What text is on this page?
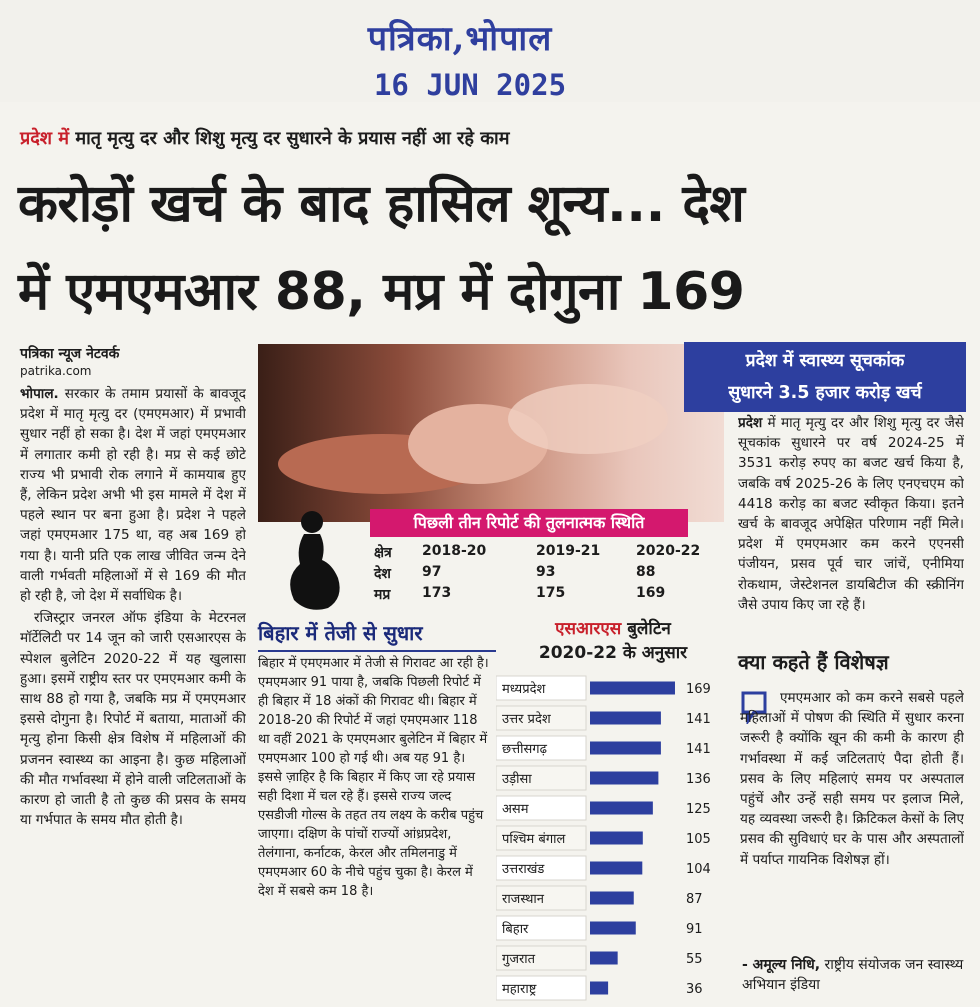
पत्रिका,भोपाल
16 JUN 2025
प्रदेश में मातृ मृत्यु दर और शिशु मृत्यु दर सुधारने के प्रयास नहीं आ रहे काम
करोड़ों खर्च के बाद हासिल शून्य... देश
में एमएमआर 88, मप्र में दोगुना 169
पत्रिका न्यूज नेटवर्क
patrika.com

भोपाल. सरकार के तमाम प्रयासों के बावजूद प्रदेश में मातृ मृत्यु दर (एमएमआर) में प्रभावी सुधार नहीं हो सका है। देश में जहां एमएमआर में लगातार कमी हो रही है। मप्र से कई छोटे राज्य भी प्रभावी रोक लगाने में कामयाब हुए हैं, लेकिन प्रदेश अभी भी इस मामले में देश में पहले स्थान पर बना हुआ है। प्रदेश ने पहले जहां एमएमआर 175 था, वह अब 169 हो गया है। यानी प्रति एक लाख जीवित जन्म देने वाली गर्भवती महिलाओं में से 169 की मौत हो रही है, जो देश में सर्वाधिक है।

रजिस्ट्रार जनरल ऑफ इंडिया के मेटरनल मॉर्टेलिटी पर 14 जून को जारी एसआरएस के स्पेशल बुलेटिन 2020-22 में यह खुलासा हुआ। इसमें राष्ट्रीय स्तर पर एमएमआर कमी के साथ 88 हो गया है, जबकि मप्र में एमएमआर इससे दोगुना है। रिपोर्ट में बताया, माताओं की मृत्यु होना किसी क्षेत्र विशेष में महिलाओं की प्रजनन स्वास्थ्य का आइना है। कुछ महिलाओं की मौत गर्भावस्था में होने वाली जटिलताओं के कारण हो जाती है तो कुछ की प्रसव के समय या गर्भपात के समय मौत होती है।

पिछली तीन रिपोर्ट की तुलनात्मक स्थिति
क्षेत्र 2018-20	2019-21	2020-22
देश 97	93	88
मप्र 173	175	169
बिहार में तेजी से सुधार
बिहार में एमएमआर में तेजी से गिरावट आ रही है। एमएमआर 91 पाया है, जबकि पिछली रिपोर्ट में ही बिहार में 18 अंकों की गिरावट थी। बिहार में 2018-20 की रिपोर्ट में जहां एमएमआर 118 था वहीं 2021 के एमएमआर बुलेटिन में बिहार में एमएमआर 100 हो गई थी। अब यह 91 है। इससे ज़ाहिर है कि बिहार में किए जा रहे प्रयास सही दिशा में चल रहे हैं। इससे राज्य जल्द एसडीजी गोल्स के तहत तय लक्ष्य के करीब पहुंच जाएगा। दक्षिण के पांचों राज्यों आंध्रप्रदेश, तेलंगाना, कर्नाटक, केरल और तमिलनाडु में एमएमआर 60 के नीचे पहुंच चुका है। केरल में देश में सबसे कम 18 है।
एसआरएस बुलेटिन
2020-22 के अनुसार
मध्यप्रदेश	169
उत्तर प्रदेश	141
छत्तीसगढ़	141
उड़ीसा	136
असम	125
पश्चिम बंगाल	105
उत्तराखंड	104
राजस्थान	87
बिहार	91
गुजरात	55
महाराष्ट्र	36
प्रदेश में स्वास्थ्य सूचकांक
सुधारने 3.5 हजार करोड़ खर्च
प्रदेश में मातृ मृत्यु दर और शिशु मृत्यु दर जैसे सूचकांक सुधारने पर वर्ष 2024-25 में 3531 करोड़ रुपए का बजट खर्च किया है, जबकि वर्ष 2025-26 के लिए एनएचएम को 4418 करोड़ का बजट स्वीकृत किया। इतने खर्च के बावजूद अपेक्षित परिणाम नहीं मिले। प्रदेश में एमएमआर कम करने एएनसी पंजीयन, प्रसव पूर्व चार जांचें, एनीमिया रोकथाम, जेस्टेशनल डायबिटीज की स्क्रीनिंग जैसे उपाय किए जा रहे हैं।
क्या कहते हैं विशेषज्ञ
एमएमआर को कम करने सबसे पहले महिलाओं में पोषण की स्थिति में सुधार करना जरूरी है क्योंकि खून की कमी के कारण ही गर्भावस्था में कई जटिलताएं पैदा होती हैं। प्रसव के लिए महिलाएं समय पर अस्पताल पहुंचें और उन्हें सही समय पर इलाज मिले, यह व्यवस्था जरूरी है। क्रिटिकल केसों के लिए प्रसव की सुविधाएं घर के पास और अस्पतालों में पर्याप्त गायनिक विशेषज्ञ हों।
- अमूल्य निधि, राष्ट्रीय संयोजक जन स्वास्थ्य अभियान इंडिया
